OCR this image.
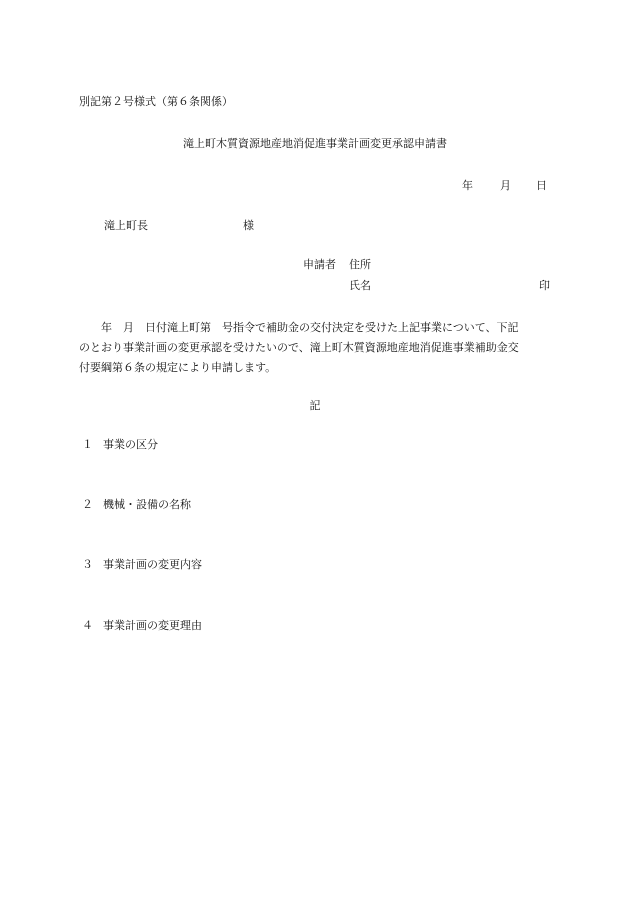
別記第２号様式（第６条関係）
滝上町木質資源地産地消促進事業計画変更承認申請書
年 月 日
滝上町長	様
申請者 住所
氏名	印
年　月　日付滝上町第　号指令で補助金の交付決定を受けた上記事業について、下記
のとおり事業計画の変更承認を受けたいので、滝上町木質資源地産地消促進事業補助金交
付要綱第６条の規定により申請します。
記
１ 事業の区分
２ 機械・設備の名称
３ 事業計画の変更内容
４ 事業計画の変更理由
